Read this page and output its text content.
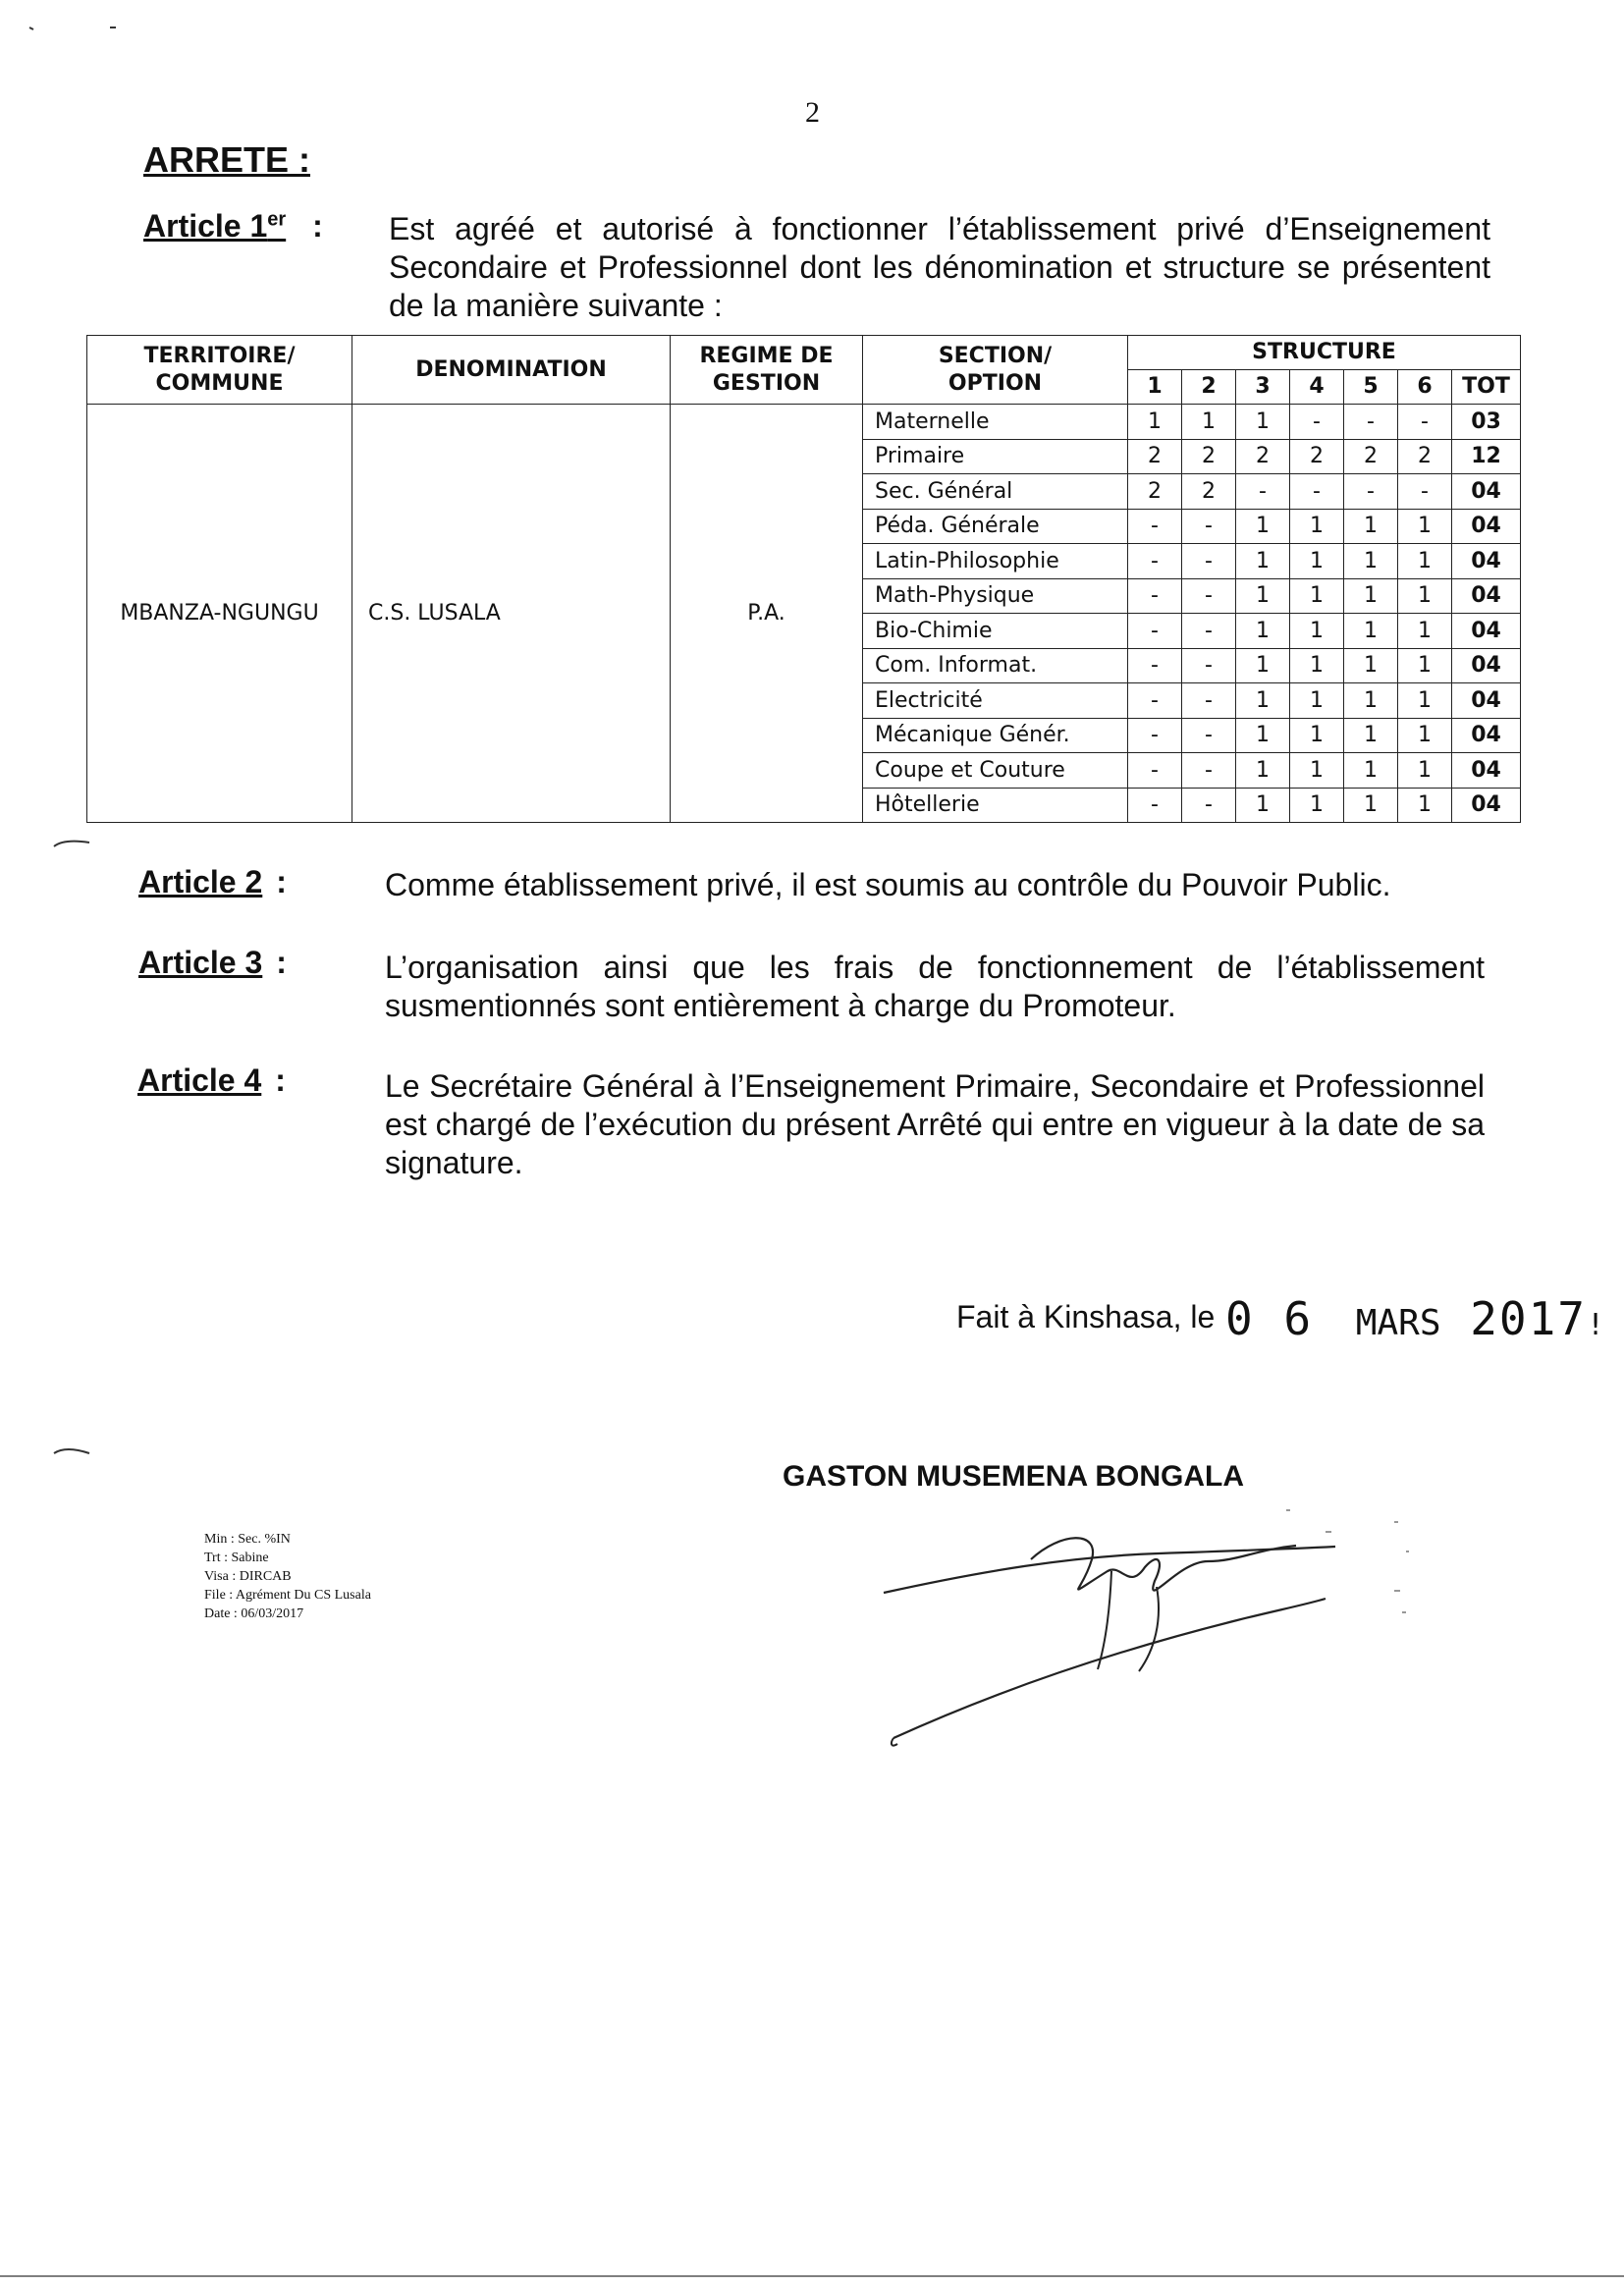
2
ARRETE :
Article 1er : Est agréé et autorisé à fonctionner l’établissement privé d’Enseignement Secondaire et Professionnel dont les dénomination et structure se présentent de la manière suivante :
TERRITOIRE/ COMMUNE	DENOMINATION	REGIME DE GESTION	SECTION/ OPTION	STRUCTURE						
				1	2	3	4	5	6	TOT
MBANZA-NGUNGU	C.S. LUSALA	P.A.	Maternelle	1	1	1	-	-	-	03
			Primaire	2	2	2	2	2	2	12
			Sec. Général	2	2	-	-	-	-	04
			Péda. Générale	-	-	1	1	1	1	04
			Latin-Philosophie	-	-	1	1	1	1	04
			Math-Physique	-	-	1	1	1	1	04
			Bio-Chimie	-	-	1	1	1	1	04
			Com. Informat.	-	-	1	1	1	1	04
			Electricité	-	-	1	1	1	1	04
			Mécanique Génér.	-	-	1	1	1	1	04
			Coupe et Couture	-	-	1	1	1	1	04
			Hôtellerie	-	-	1	1	1	1	04
Article 2 :	Comme établissement privé, il est soumis au contrôle du Pouvoir Public.
Article 3 :	L’organisation ainsi que les frais de fonctionnement de l’établissement susmentionnés sont entièrement à charge du Promoteur.
Article 4 :	Le Secrétaire Général à l’Enseignement Primaire, Secondaire et Professionnel est chargé de l’exécution du présent Arrêté qui entre en vigueur à la date de sa signature.
Fait à Kinshasa, le 0 6 MARS 2017!
GASTON MUSEMENA BONGALA
Min : Sec. %IN
Trt : Sabine
Visa : DIRCAB
File : Agrément Du CS Lusala
Date : 06/03/2017
